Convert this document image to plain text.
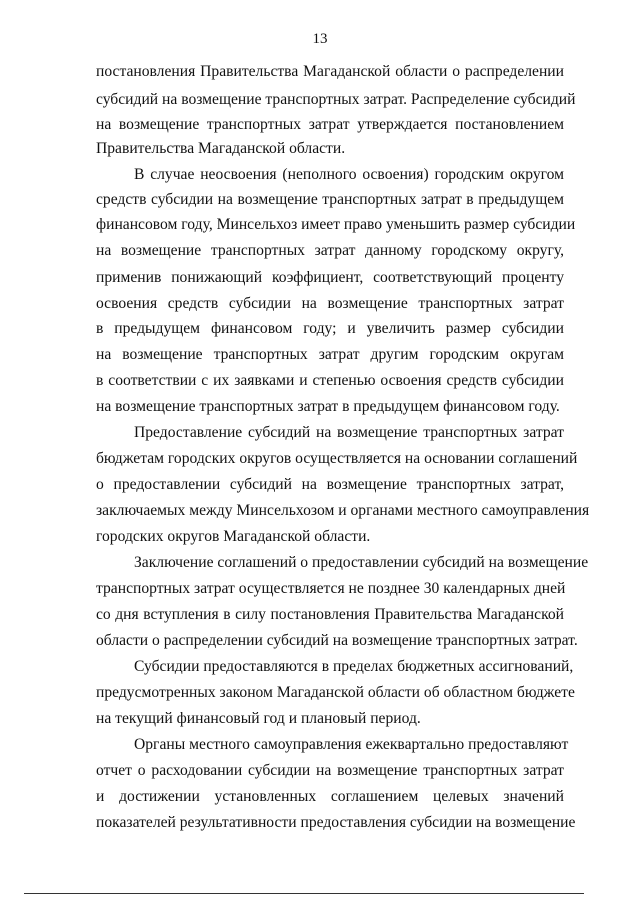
13
постановления Правительства Магаданской области о распределении
субсидий на возмещение транспортных затрат. Распределение субсидий
на возмещение транспортных затрат утверждается постановлением
Правительства Магаданской области.
В случае неосвоения (неполного освоения) городским округом
средств субсидии на возмещение транспортных затрат в предыдущем
финансовом году, Минсельхоз имеет право уменьшить размер субсидии
на возмещение транспортных затрат данному городскому округу,
применив понижающий коэффициент, соответствующий проценту
освоения средств субсидии на возмещение транспортных затрат
в предыдущем финансовом году; и увеличить размер субсидии
на возмещение транспортных затрат другим городским округам
в соответствии с их заявками и степенью освоения средств субсидии
на возмещение транспортных затрат в предыдущем финансовом году.
Предоставление субсидий на возмещение транспортных затрат
бюджетам городских округов осуществляется на основании соглашений
о предоставлении субсидий на возмещение транспортных затрат,
заключаемых между Минсельхозом и органами местного самоуправления
городских округов Магаданской области.
Заключение соглашений о предоставлении субсидий на возмещение
транспортных затрат осуществляется не позднее 30 календарных дней
со дня вступления в силу постановления Правительства Магаданской
области о распределении субсидий на возмещение транспортных затрат.
Субсидии предоставляются в пределах бюджетных ассигнований,
предусмотренных законом Магаданской области об областном бюджете
на текущий финансовый год и плановый период.
Органы местного самоуправления ежеквартально предоставляют
отчет о расходовании субсидии на возмещение транспортных затрат
и достижении установленных соглашением целевых значений
показателей результативности предоставления субсидии на возмещение
